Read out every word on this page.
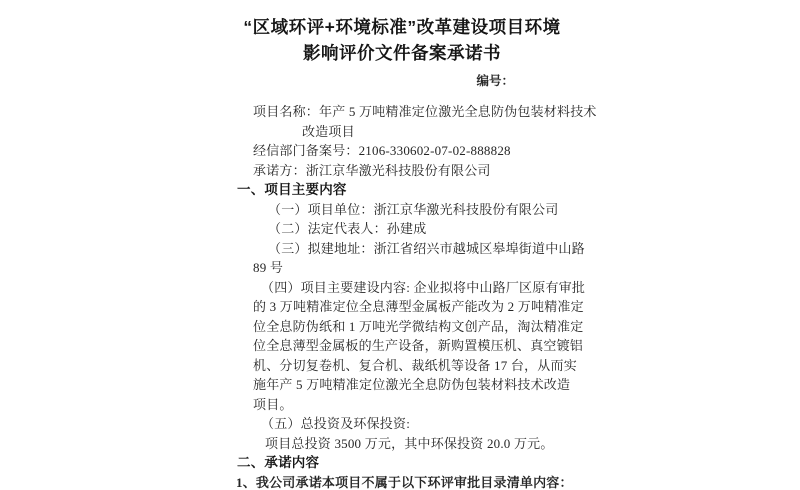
“区域环评+环境标准”改革建设项目环境
影响评价文件备案承诺书
编号：
项目名称：年产 5 万吨精准定位激光全息防伪包装材料技术
改造项目
经信部门备案号：2106-330602-07-02-888828
承诺方：浙江京华激光科技股份有限公司
一、项目主要内容
（一）项目单位：浙江京华激光科技股份有限公司
（二）法定代表人：孙建成
（三）拟建地址：浙江省绍兴市越城区皋埠街道中山路
89 号
（四）项目主要建设内容: 企业拟将中山路厂区原有审批
的 3 万吨精准定位全息薄型金属板产能改为 2 万吨精准定
位全息防伪纸和 1 万吨光学微结构文创产品，淘汰精准定
位全息薄型金属板的生产设备，新购置模压机、真空镀铝
机、分切复卷机、复合机、裁纸机等设备 17 台，从而实
施年产 5 万吨精准定位激光全息防伪包装材料技术改造
项目。
（五）总投资及环保投资:
项目总投资 3500 万元，其中环保投资 20.0 万元。
二、承诺内容
1、我公司承诺本项目不属于以下环评审批目录清单内容：
